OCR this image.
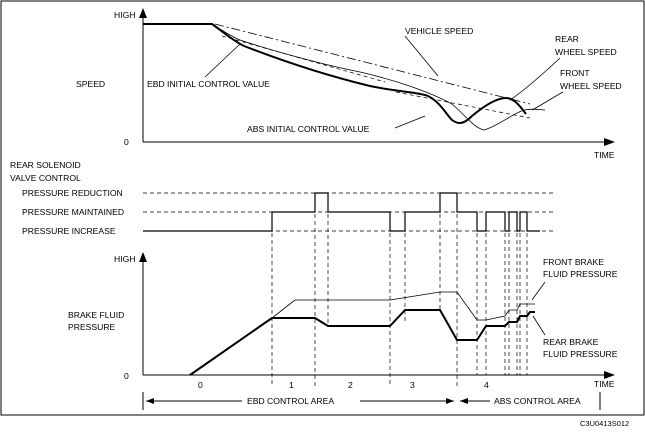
HIGH
SPEED
0
TIME
VEHICLE SPEED
REAR
WHEEL SPEED
FRONT
WHEEL SPEED
EBD INITIAL CONTROL VALUE
ABS INITIAL CONTROL VALUE
REAR SOLENOID
VALVE CONTROL
PRESSURE REDUCTION
PRESSURE MAINTAINED
PRESSURE INCREASE
HIGH
BRAKE FLUID
PRESSURE
0
TIME
FRONT BRAKE
FLUID PRESSURE
REAR BRAKE
FLUID PRESSURE
0	1	2	3	4
EBD CONTROL AREA	ABS CONTROL AREA
C3U0413S012
